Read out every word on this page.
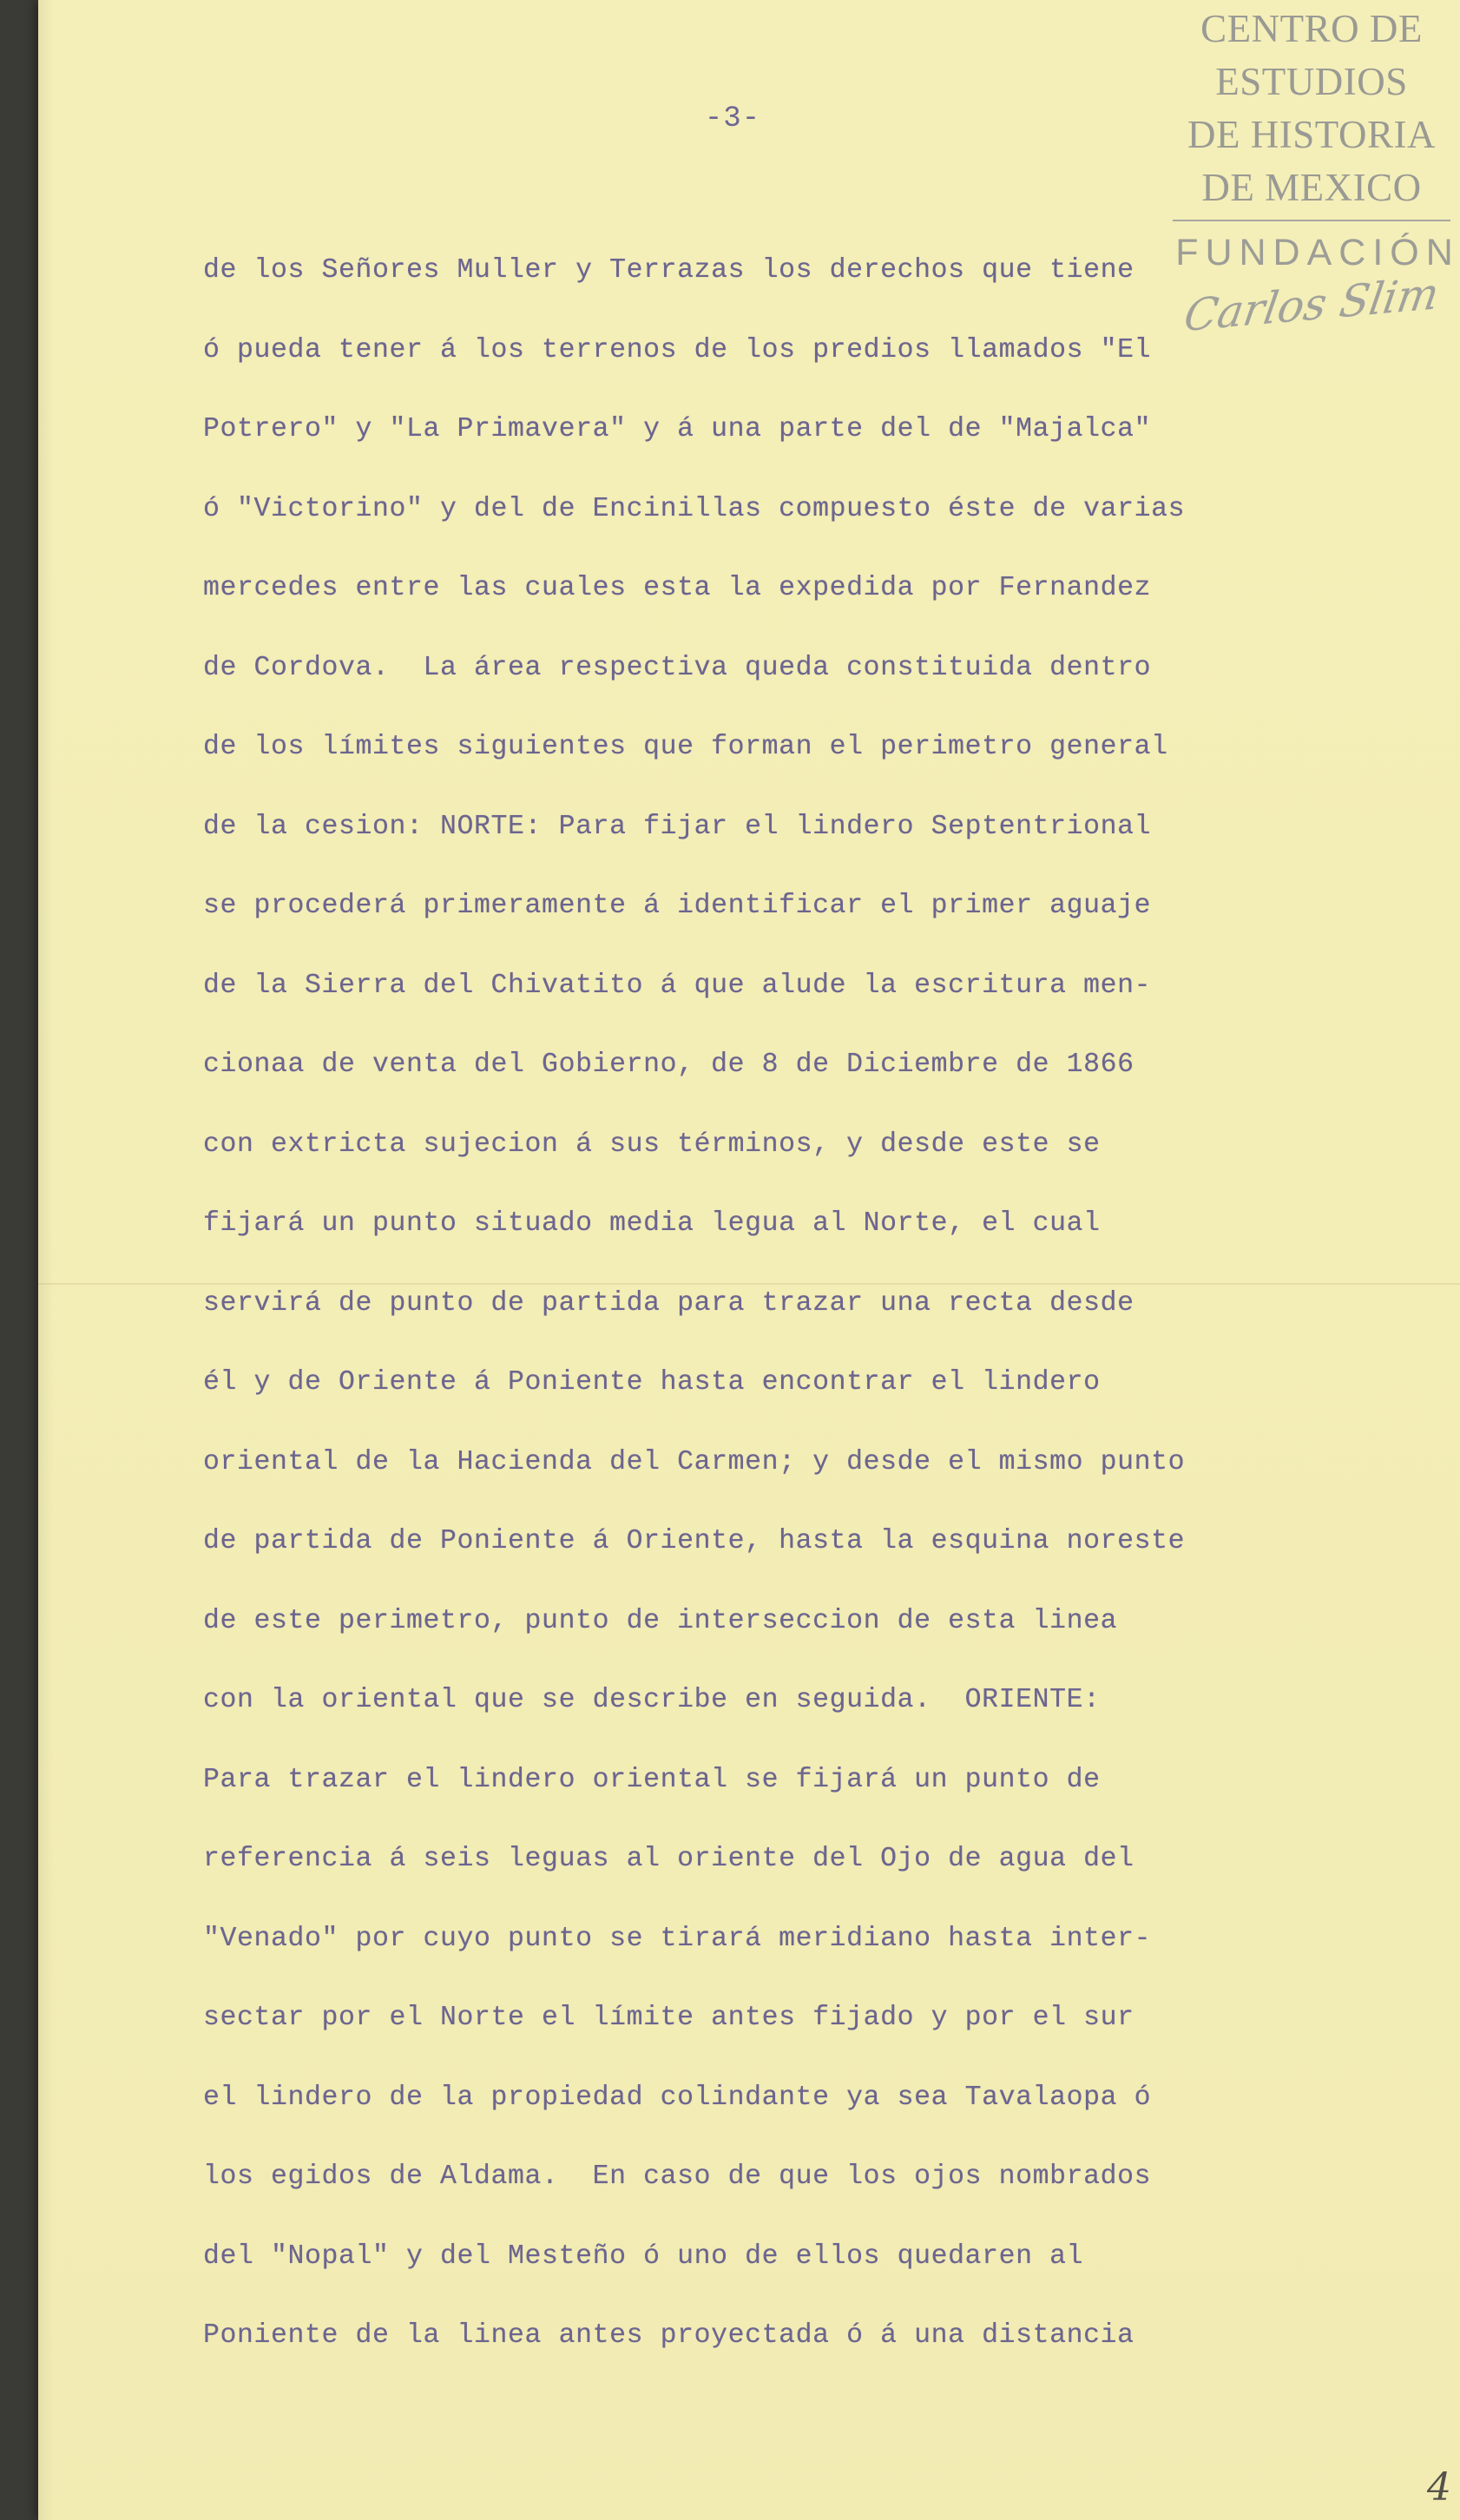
-3-
de los Señores Muller y Terrazas los derechos que tiene
ó pueda tener á los terrenos de los predios llamados "El
Potrero" y "La Primavera" y á una parte del de "Majalca"
ó "Victorino" y del de Encinillas compuesto éste de varias
mercedes entre las cuales esta la expedida por Fernandez
de Cordova.  La área respectiva queda constituida dentro
de los límites siguientes que forman el perimetro general
de la cesion: NORTE: Para fijar el lindero Septentrional
se procederá primeramente á identificar el primer aguaje
de la Sierra del Chivatito á que alude la escritura men-
cionaa de venta del Gobierno, de 8 de Diciembre de 1866
con extricta sujecion á sus términos, y desde este se
fijará un punto situado media legua al Norte, el cual
servirá de punto de partida para trazar una recta desde
él y de Oriente á Poniente hasta encontrar el lindero
oriental de la Hacienda del Carmen; y desde el mismo punto
de partida de Poniente á Oriente, hasta la esquina noreste
de este perimetro, punto de interseccion de esta linea
con la oriental que se describe en seguida.  ORIENTE:
Para trazar el lindero oriental se fijará un punto de
referencia á seis leguas al oriente del Ojo de agua del
"Venado" por cuyo punto se tirará meridiano hasta inter-
sectar por el Norte el límite antes fijado y por el sur
el lindero de la propiedad colindante ya sea Tavalaopa ó
los egidos de Aldama.  En caso de que los ojos nombrados
del "Nopal" y del Mesteño ó uno de ellos quedaren al
Poniente de la linea antes proyectada ó á una distancia
4
CENTRO DE
ESTUDIOS
DE HISTORIA
DE MEXICO
FUNDACIÓN
Carlos Slim
